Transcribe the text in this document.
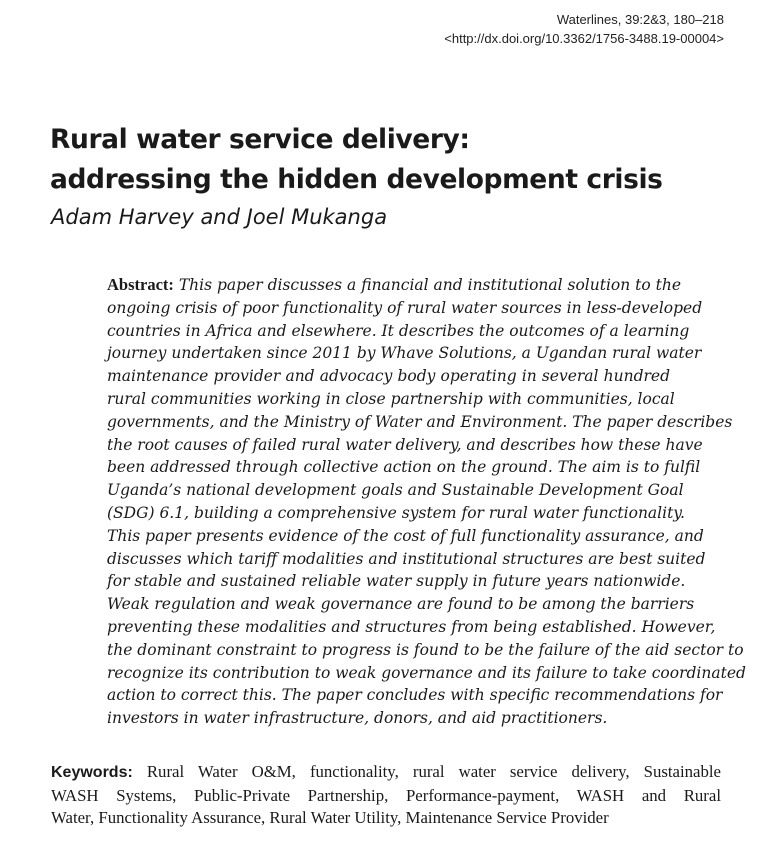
Waterlines, 39:2&3, 180–218
<http://dx.doi.org/10.3362/1756-3488.19-00004>
Rural water service delivery:
addressing the hidden development crisis
Adam Harvey and Joel Mukanga
Abstract: This paper discusses a financial and institutional solution to the
ongoing crisis of poor functionality of rural water sources in less-developed
countries in Africa and elsewhere. It describes the outcomes of a learning
journey undertaken since 2011 by Whave Solutions, a Ugandan rural water
maintenance provider and advocacy body operating in several hundred
rural communities working in close partnership with communities, local
governments, and the Ministry of Water and Environment. The paper describes
the root causes of failed rural water delivery, and describes how these have
been addressed through collective action on the ground. The aim is to fulfil
Uganda’s national development goals and Sustainable Development Goal
(SDG) 6.1, building a comprehensive system for rural water functionality.
This paper presents evidence of the cost of full functionality assurance, and
discusses which tariff modalities and institutional structures are best suited
for stable and sustained reliable water supply in future years nationwide.
Weak regulation and weak governance are found to be among the barriers
preventing these modalities and structures from being established. However,
the dominant constraint to progress is found to be the failure of the aid sector to
recognize its contribution to weak governance and its failure to take coordinated
action to correct this. The paper concludes with specific recommendations for
investors in water infrastructure, donors, and aid practitioners.
Keywords: Rural Water O&M, functionality, rural water service delivery, Sustainable
WASH Systems, Public-Private Partnership, Performance-payment, WASH and Rural
Water, Functionality Assurance, Rural Water Utility, Maintenance Service Provider
